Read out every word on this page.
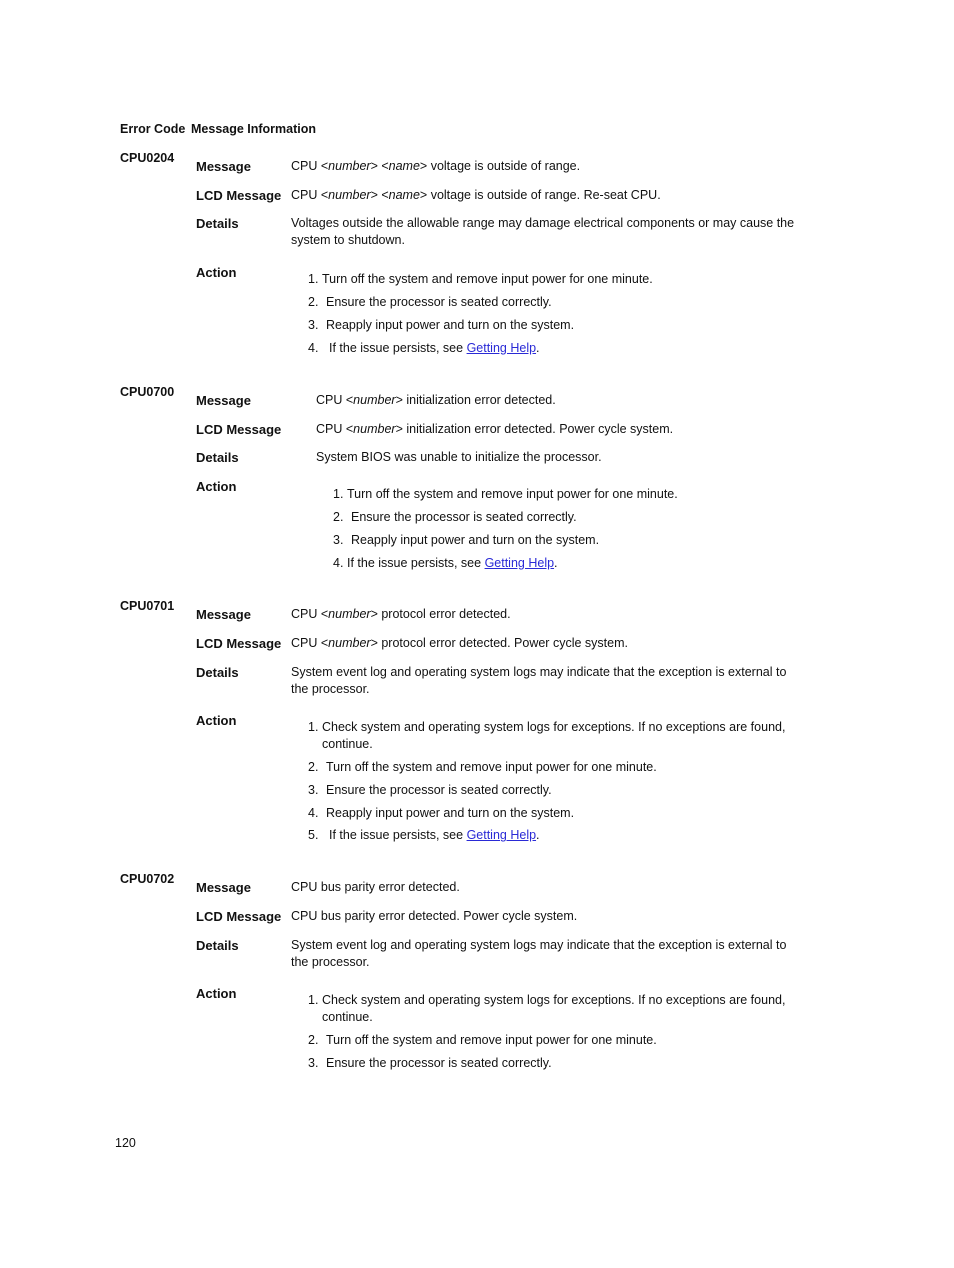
Error Code Message Information
CPU0204
Message	CPU <number> <name> voltage is outside of range.
LCD Message CPU <number> <name> voltage is outside of range. Re-seat CPU.
Details	Voltages outside the allowable range may damage electrical components or may cause the system to shutdown.
Action	1. Turn off the system and remove input power for one minute.
2. Ensure the processor is seated correctly.
3. Reapply input power and turn on the system.
4. If the issue persists, see Getting Help.
CPU0700
Message	CPU <number> initialization error detected.
LCD Message	CPU <number> initialization error detected. Power cycle system.
Details	System BIOS was unable to initialize the processor.
Action	1. Turn off the system and remove input power for one minute.
2. Ensure the processor is seated correctly.
3. Reapply input power and turn on the system.
4. If the issue persists, see Getting Help.
CPU0701
Message	CPU <number> protocol error detected.
LCD Message CPU <number> protocol error detected. Power cycle system.
Details	System event log and operating system logs may indicate that the exception is external to the processor.
Action	1. Check system and operating system logs for exceptions. If no exceptions are found, continue.
2. Turn off the system and remove input power for one minute.
3. Ensure the processor is seated correctly.
4. Reapply input power and turn on the system.
5. If the issue persists, see Getting Help.
CPU0702
Message	CPU bus parity error detected.
LCD Message CPU bus parity error detected. Power cycle system.
Details	System event log and operating system logs may indicate that the exception is external to the processor.
Action	1. Check system and operating system logs for exceptions. If no exceptions are found, continue.
2. Turn off the system and remove input power for one minute.
3. Ensure the processor is seated correctly.
120
